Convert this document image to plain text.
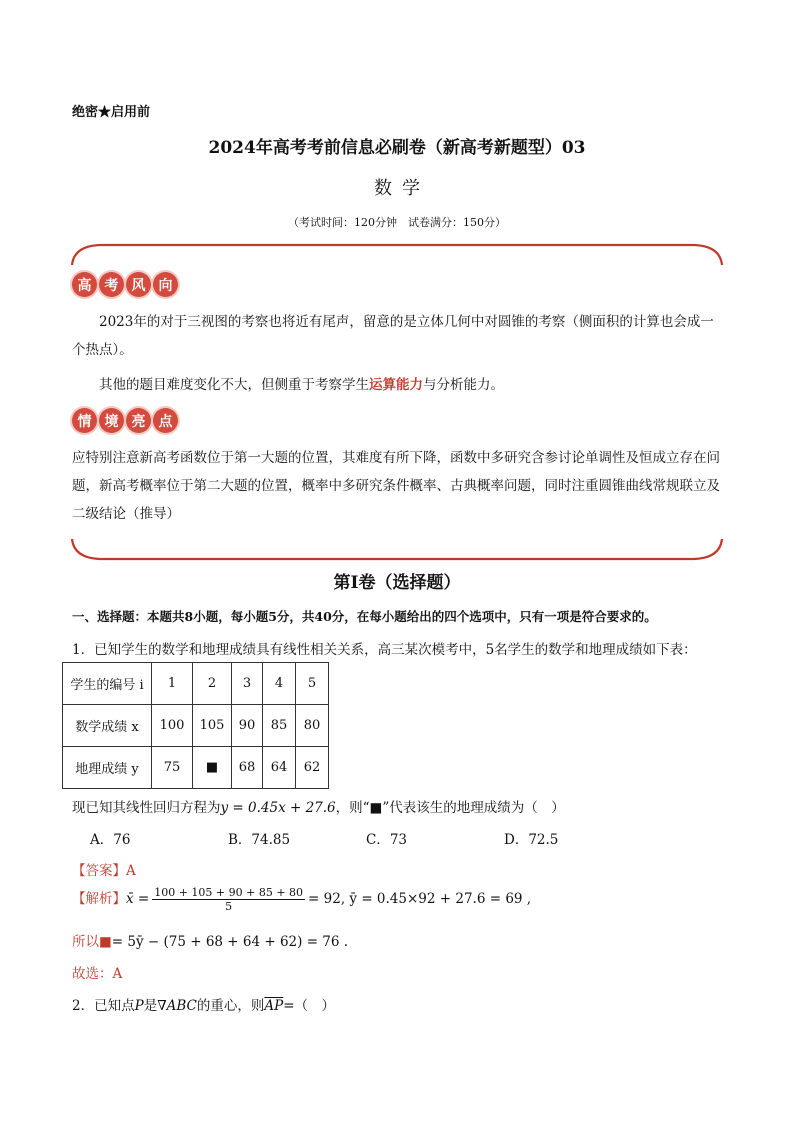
绝密★启用前
2024年高考考前信息必刷卷（新高考新题型）03
数学
（考试时间：120分钟　试卷满分：150分）
高 考 风 向
2023年的对于三视图的考察也将近有尾声，留意的是立体几何中对圆锥的考察（侧面积的计算也会成一个热点）。
其他的题目难度变化不大，但侧重于考察学生运算能力与分析能力。
情 境 亮 点
应特别注意新高考函数位于第一大题的位置，其难度有所下降，函数中多研究含参讨论单调性及恒成立存在问题，新高考概率位于第二大题的位置，概率中多研究条件概率、古典概率问题，同时注重圆锥曲线常规联立及二级结论（推导）
第I卷（选择题）
一、选择题：本题共8小题，每小题5分，共40分，在每小题给出的四个选项中，只有一项是符合要求的。
1．已知学生的数学和地理成绩具有线性相关关系，高三某次模考中，5名学生的数学和地理成绩如下表：
学生的编号 i	1	2	3	4	5
数学成绩 x	100	105	90	85	80
地理成绩 y	75	■	68	64	62
现已知其线性回归方程为y = 0.45x + 27.6，则“■”代表该生的地理成绩为（　）
A．76	B．74.85	C．73	D．72.5
【答案】A
【解析】x̄ = $\frac{100 + 105 + 90 + 85 + 80}{5} = 92$, ȳ = 0.45×92 + 27.6 = 69 ,
所以■= 5ȳ − (75 + 68 + 64 + 62) = 76 .
故选：A
2．已知点P是∇ABC的重心，则$\overline{AP}=$（　）
